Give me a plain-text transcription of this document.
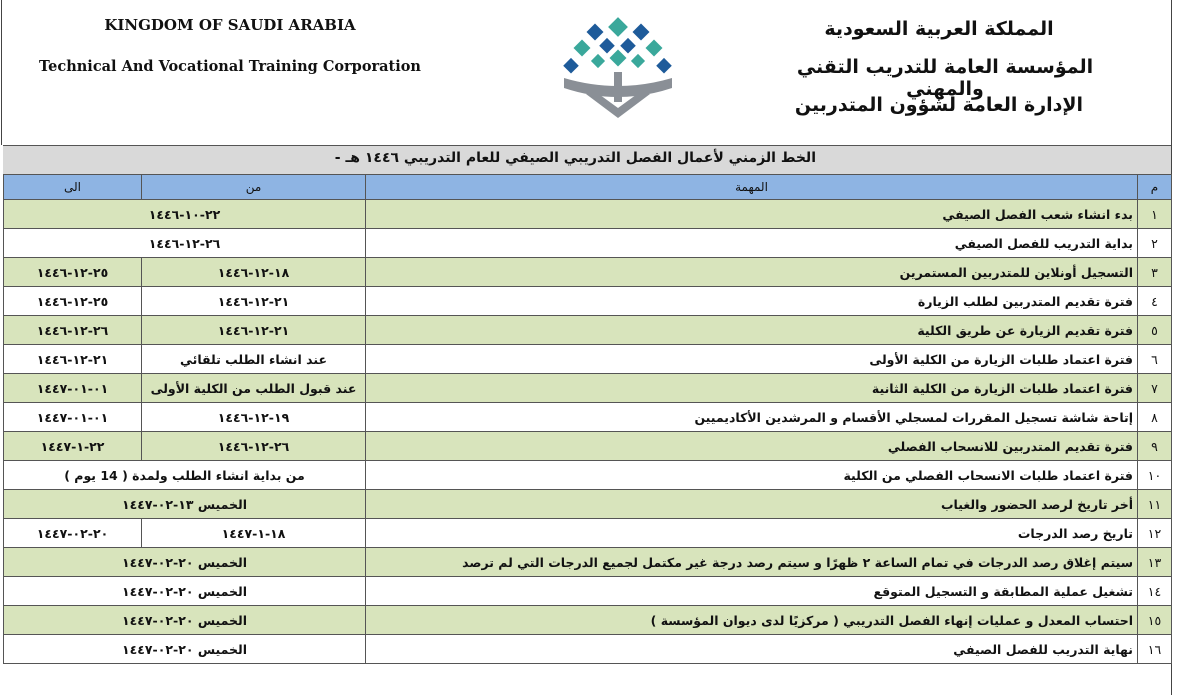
KINGDOM OF SAUDI ARABIA
Technical And Vocational Training Corporation
المملكة العربية السعودية
المؤسسة العامة للتدريب التقني والمهني
الإدارة العامة لشؤون المتدربين
الخط الزمني لأعمال الفصل التدريبي الصيفي للعام التدريبي ١٤٤٦ هـ -
م	المهمة	من	الى
١	بدء انشاء شعب الفصل الصيفي	٢٢-١٠-١٤٤٦	
٢	بداية التدريب للفصل الصيفي	٢٦-١٢-١٤٤٦	
٣	التسجيل أونلاين للمتدربين المستمرين	١٨-١٢-١٤٤٦	٢٥-١٢-١٤٤٦
٤	فترة تقديم المتدربين لطلب الزيارة	٢١-١٢-١٤٤٦	٢٥-١٢-١٤٤٦
٥	فترة تقديم الزيارة عن طريق الكلية	٢١-١٢-١٤٤٦	٢٦-١٢-١٤٤٦
٦	فترة اعتماد طلبات الزيارة من الكلية الأولى	عند انشاء الطلب تلقائي	٢١-١٢-١٤٤٦
٧	فترة اعتماد طلبات الزيارة من الكلية الثانية	عند قبول الطلب من الكلية الأولى	٠١-٠١-١٤٤٧
٨	إتاحة شاشة تسجيل المقررات لمسجلي الأقسام و المرشدين الأكاديميين	١٩-١٢-١٤٤٦	٠١-٠١-١٤٤٧
٩	فترة تقديم المتدربين للانسحاب الفصلي	٢٦-١٢-١٤٤٦	٢٢-١-١٤٤٧
١٠	فترة اعتماد طلبات الانسحاب الفصلي من الكلية	من بداية انشاء الطلب ولمدة ( 14 يوم )	
١١	أخر تاريخ لرصد الحضور والغياب	الخميس ١٣-٠٢-١٤٤٧	
١٢	تاريخ رصد الدرجات	١٨-١-١٤٤٧	٢٠-٠٢-١٤٤٧
١٣	سيتم إغلاق رصد الدرجات في تمام الساعة ٢ ظهرًا و سيتم رصد درجة غير مكتمل لجميع الدرجات التي لم ترصد	الخميس ٢٠-٠٢-١٤٤٧	
١٤	تشغيل عملية المطابقة و التسجيل المتوقع	الخميس ٢٠-٠٢-١٤٤٧	
١٥	احتساب المعدل و عمليات إنهاء الفصل التدريبي ( مركزيًا لدى ديوان المؤسسة )	الخميس ٢٠-٠٢-١٤٤٧	
١٦	نهاية التدريب للفصل الصيفي	الخميس ٢٠-٠٢-١٤٤٧	
